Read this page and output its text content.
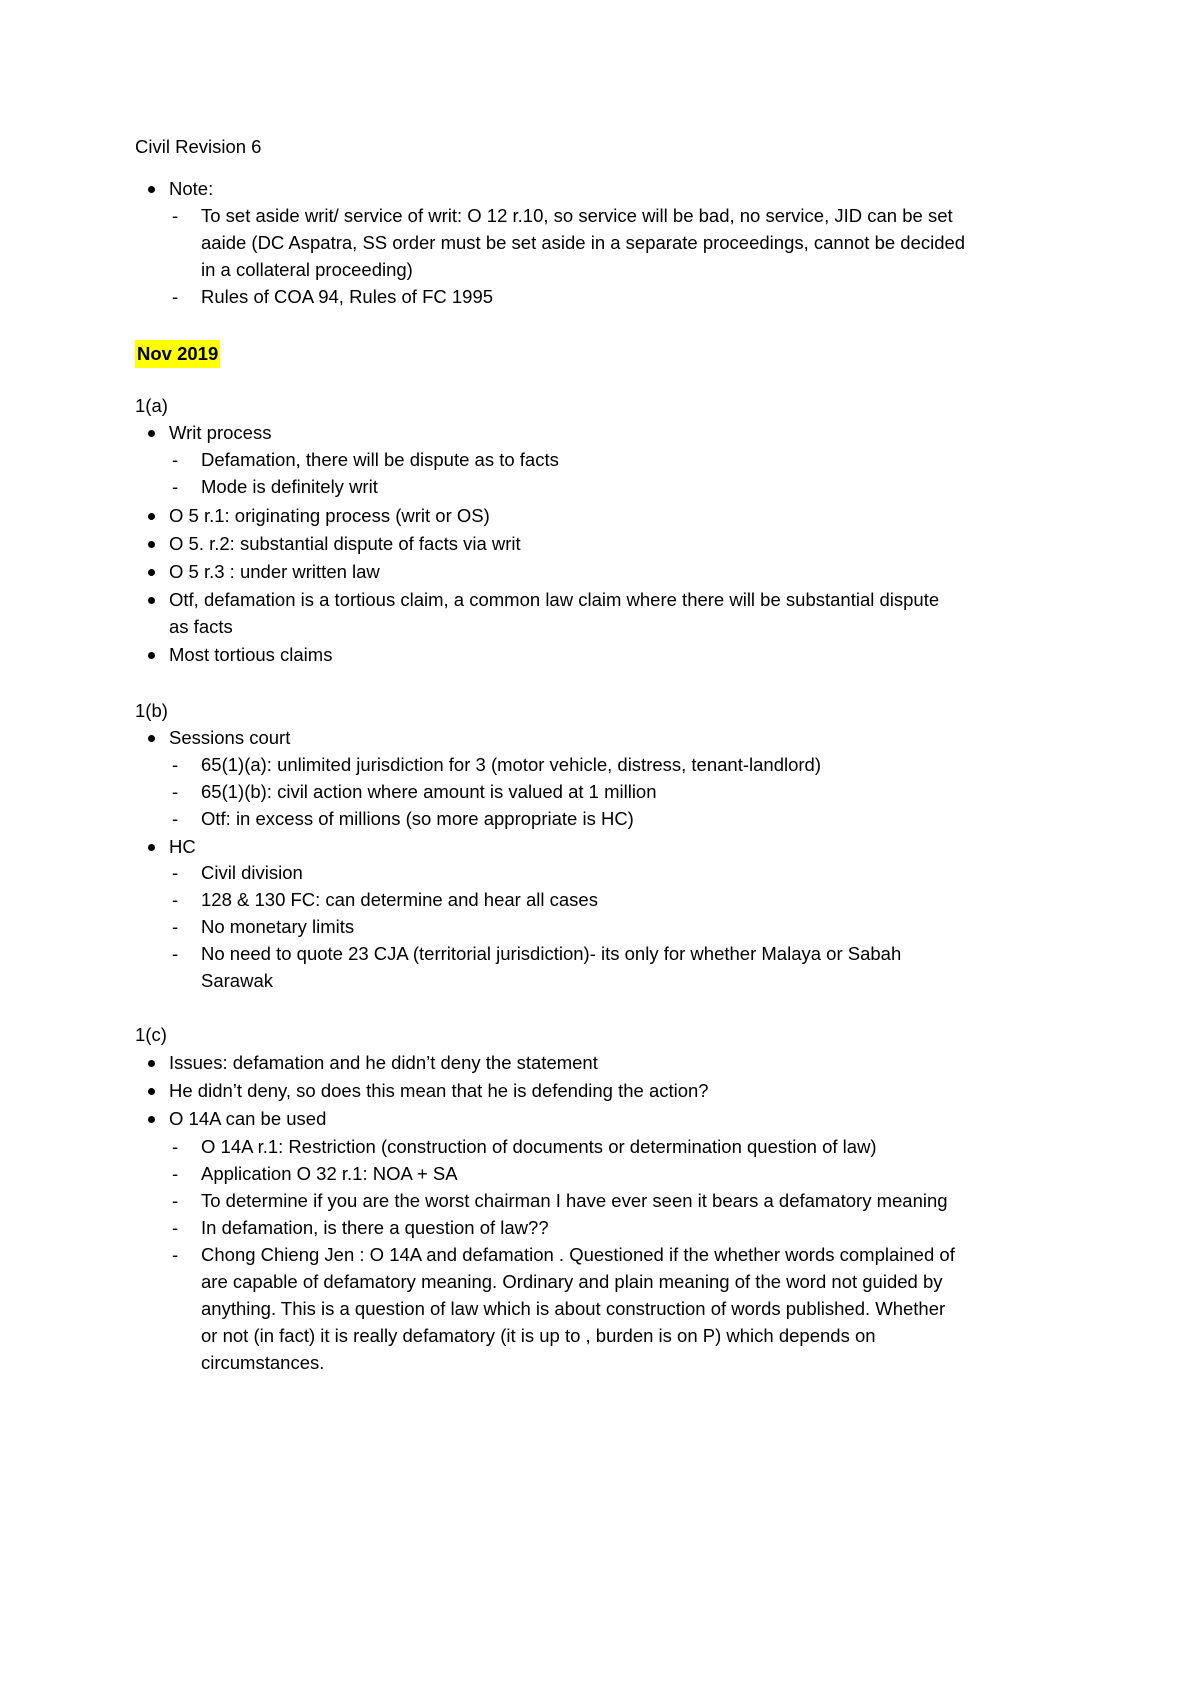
Civil Revision 6
Note:
- To set aside writ/ service of writ: O 12 r.10, so service will be bad, no service, JID can be set
aaide (DC Aspatra, SS order must be set aside in a separate proceedings, cannot be decided
in a collateral proceeding)
- Rules of COA 94, Rules of FC 1995
Nov 2019
1(a)
Writ process
- Defamation, there will be dispute as to facts
- Mode is definitely writ
O 5 r.1: originating process (writ or OS)
O 5. r.2: substantial dispute of facts via writ
O 5 r.3 : under written law
Otf, defamation is a tortious claim, a common law claim where there will be substantial dispute
as facts
Most tortious claims
1(b)
Sessions court
- 65(1)(a): unlimited jurisdiction for 3 (motor vehicle, distress, tenant-landlord)
- 65(1)(b): civil action where amount is valued at 1 million
- Otf: in excess of millions (so more appropriate is HC)
HC
- Civil division
- 128 & 130 FC: can determine and hear all cases
- No monetary limits
- No need to quote 23 CJA (territorial jurisdiction)- its only for whether Malaya or Sabah
Sarawak
1(c)
Issues: defamation and he didn’t deny the statement
He didn’t deny, so does this mean that he is defending the action?
O 14A can be used
- O 14A r.1: Restriction (construction of documents or determination question of law)
- Application O 32 r.1: NOA + SA
- To determine if you are the worst chairman I have ever seen it bears a defamatory meaning
- In defamation, is there a question of law??
- Chong Chieng Jen : O 14A and defamation . Questioned if the whether words complained of
are capable of defamatory meaning. Ordinary and plain meaning of the word not guided by
anything. This is a question of law which is about construction of words published. Whether
or not (in fact) it is really defamatory (it is up to , burden is on P) which depends on
circumstances.
